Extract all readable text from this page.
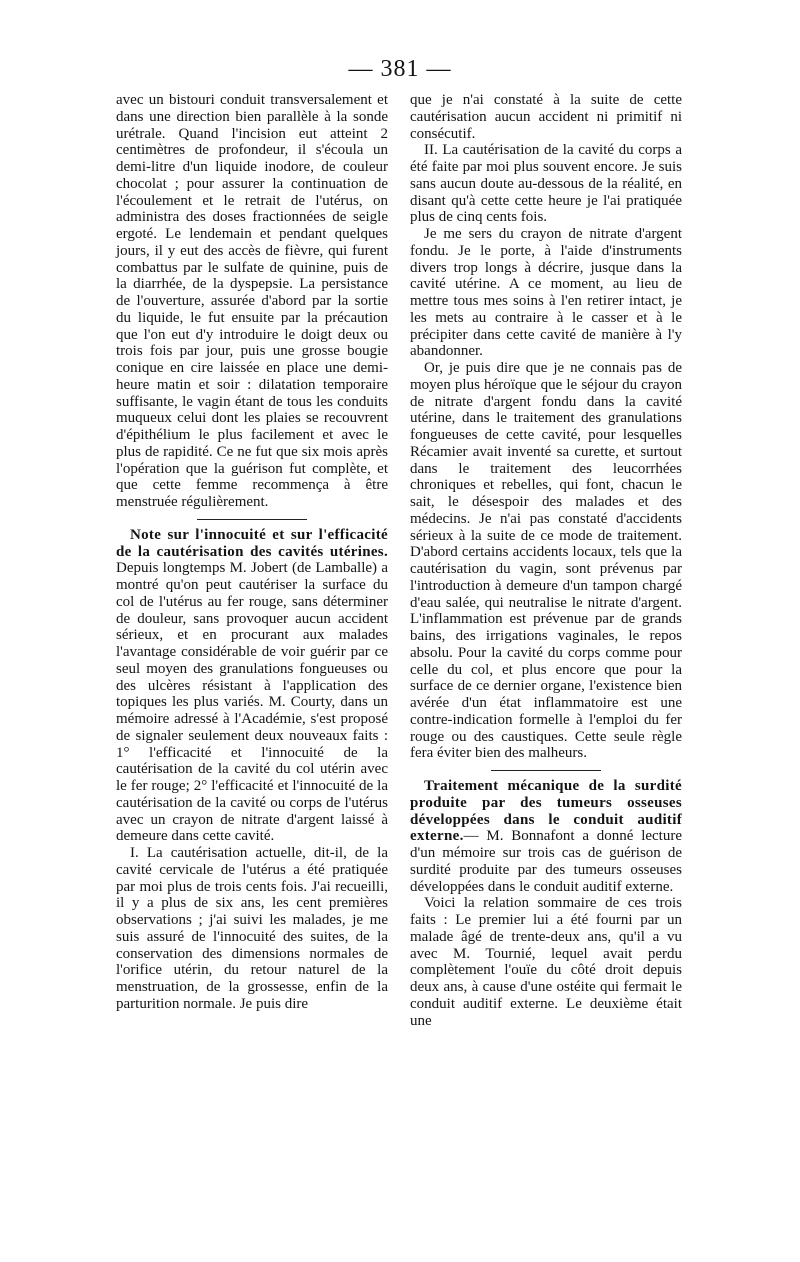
— 381 —

avec un bistouri conduit transversalement et dans une direction bien parallèle à la sonde urétrale. Quand l'incision eut atteint 2 centimètres de profondeur, il s'écoula un demi-litre d'un liquide inodore, de couleur chocolat ; pour assurer la continuation de l'écoulement et le retrait de l'utérus, on administra des doses fractionnées de seigle ergoté. Le lendemain et pendant quelques jours, il y eut des accès de fièvre, qui furent combattus par le sulfate de quinine, puis de la diarrhée, de la dyspepsie. La persistance de l'ouverture, assurée d'abord par la sortie du liquide, le fut ensuite par la précaution que l'on eut d'y introduire le doigt deux ou trois fois par jour, puis une grosse bougie conique en cire laissée en place une demi-heure matin et soir : dilatation temporaire suffisante, le vagin étant de tous les conduits muqueux celui dont les plaies se recouvrent d'épithélium le plus facilement et avec le plus de rapidité. Ce ne fut que six mois après l'opération que la guérison fut complète, et que cette femme recommença à être menstruée régulièrement.

Note sur l'innocuité et sur l'efficacité de la cautérisation des cavités utérines. Depuis longtemps M. Jobert (de Lamballe) a montré qu'on peut cautériser la surface du col de l'utérus au fer rouge, sans déterminer de douleur, sans provoquer aucun accident sérieux, et en procurant aux malades l'avantage considérable de voir guérir par ce seul moyen des granulations fongueuses ou des ulcères résistant à l'application des topiques les plus variés. M. Courty, dans un mémoire adressé à l'Académie, s'est proposé de signaler seulement deux nouveaux faits : 1° l'efficacité et l'innocuité de la cautérisation de la cavité du col utérin avec le fer rouge; 2° l'efficacité et l'innocuité de la cautérisation de la cavité ou corps de l'utérus avec un crayon de nitrate d'argent laissé à demeure dans cette cavité.

I. La cautérisation actuelle, dit-il, de la cavité cervicale de l'utérus a été pratiquée par moi plus de trois cents fois. J'ai recueilli, il y a plus de six ans, les cent premières observations ; j'ai suivi les malades, je me suis assuré de l'innocuité des suites, de la conservation des dimensions normales de l'orifice utérin, du retour naturel de la menstruation, de la grossesse, enfin de la parturition normale. Je puis dire

que je n'ai constaté à la suite de cette cautérisation aucun accident ni primitif ni consécutif.

II. La cautérisation de la cavité du corps a été faite par moi plus souvent encore. Je suis sans aucun doute au-dessous de la réalité, en disant qu'à cette cette heure je l'ai pratiquée plus de cinq cents fois.

Je me sers du crayon de nitrate d'argent fondu. Je le porte, à l'aide d'instruments divers trop longs à décrire, jusque dans la cavité utérine. A ce moment, au lieu de mettre tous mes soins à l'en retirer intact, je les mets au contraire à le casser et à le précipiter dans cette cavité de manière à l'y abandonner.

Or, je puis dire que je ne connais pas de moyen plus héroïque que le séjour du crayon de nitrate d'argent fondu dans la cavité utérine, dans le traitement des granulations fongueuses de cette cavité, pour lesquelles Récamier avait inventé sa curette, et surtout dans le traitement des leucorrhées chroniques et rebelles, qui font, chacun le sait, le désespoir des malades et des médecins. Je n'ai pas constaté d'accidents sérieux à la suite de ce mode de traitement. D'abord certains accidents locaux, tels que la cautérisation du vagin, sont prévenus par l'introduction à demeure d'un tampon chargé d'eau salée, qui neutralise le nitrate d'argent. L'inflammation est prévenue par de grands bains, des irrigations vaginales, le repos absolu. Pour la cavité du corps comme pour celle du col, et plus encore que pour la surface de ce dernier organe, l'existence bien avérée d'un état inflammatoire est une contre-indication formelle à l'emploi du fer rouge ou des caustiques. Cette seule règle fera éviter bien des malheurs.

Traitement mécanique de la surdité produite par des tumeurs osseuses développées dans le conduit auditif externe.— M. Bonnafont a donné lecture d'un mémoire sur trois cas de guérison de surdité produite par des tumeurs osseuses développées dans le conduit auditif externe.

Voici la relation sommaire de ces trois faits : Le premier lui a été fourni par un malade âgé de trente-deux ans, qu'il a vu avec M. Tournié, lequel avait perdu complètement l'ouïe du côté droit depuis deux ans, à cause d'une ostéite qui fermait le conduit auditif externe. Le deuxième était une
